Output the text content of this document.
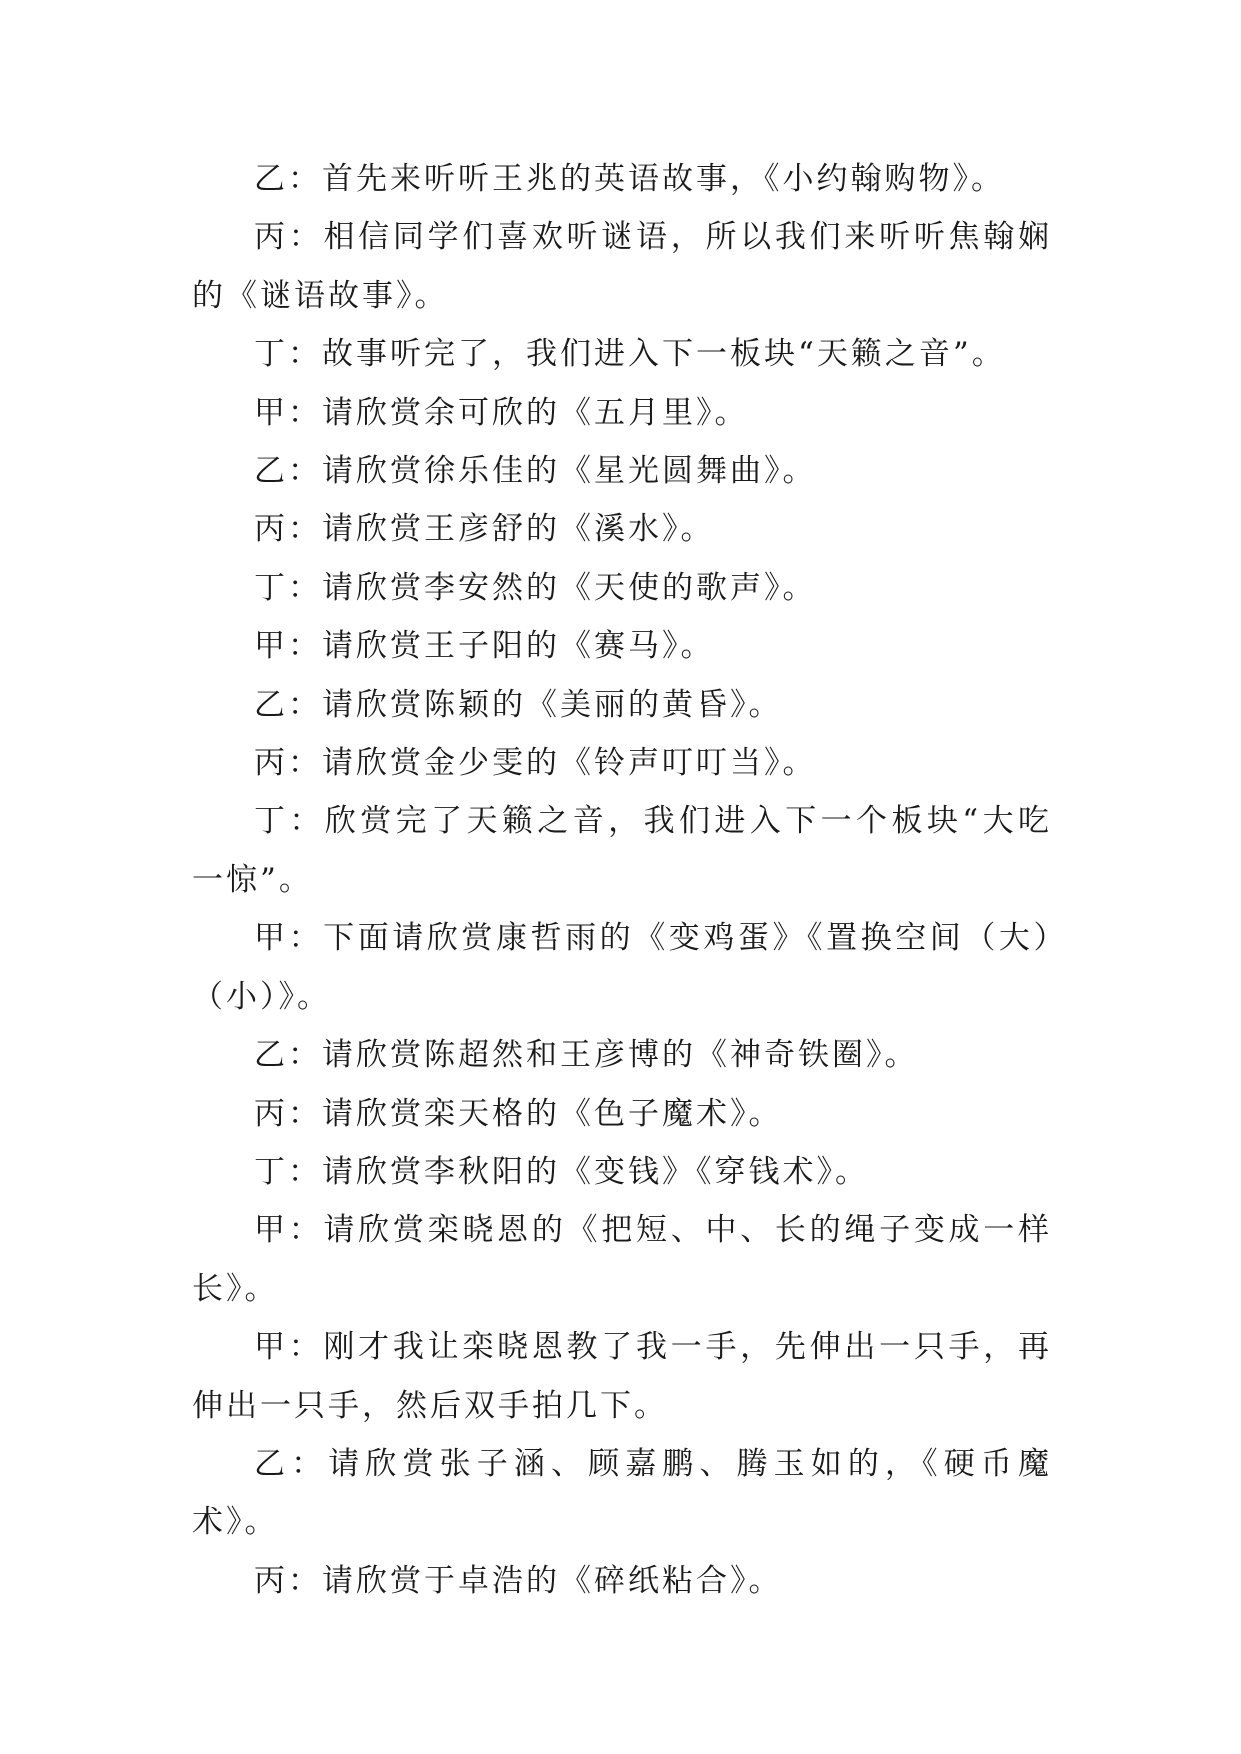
乙：首先来听听王兆的英语故事，《小约翰购物》。

丙：相信同学们喜欢听谜语，所以我们来听听焦翰娴的《谜语故事》。

丁：故事听完了，我们进入下一板块“天籁之音”。

甲：请欣赏余可欣的《五月里》。

乙：请欣赏徐乐佳的《星光圆舞曲》。

丙：请欣赏王彦舒的《溪水》。

丁：请欣赏李安然的《天使的歌声》。

甲：请欣赏王子阳的《赛马》。

乙：请欣赏陈颖的《美丽的黄昏》。

丙：请欣赏金少雯的《铃声叮叮当》。

丁：欣赏完了天籁之音，我们进入下一个板块“大吃一惊”。

甲：下面请欣赏康哲雨的《变鸡蛋》《置换空间（大）（小）》。

乙：请欣赏陈超然和王彦博的《神奇铁圈》。

丙：请欣赏栾天格的《色子魔术》。

丁：请欣赏李秋阳的《变钱》《穿钱术》。

甲：请欣赏栾晓恩的《把短、中、长的绳子变成一样长》。

甲：刚才我让栾晓恩教了我一手，先伸出一只手，再伸出一只手，然后双手拍几下。

乙：请欣赏张子涵、顾嘉鹏、腾玉如的，《硬币魔术》。

丙：请欣赏于卓浩的《碎纸粘合》。
